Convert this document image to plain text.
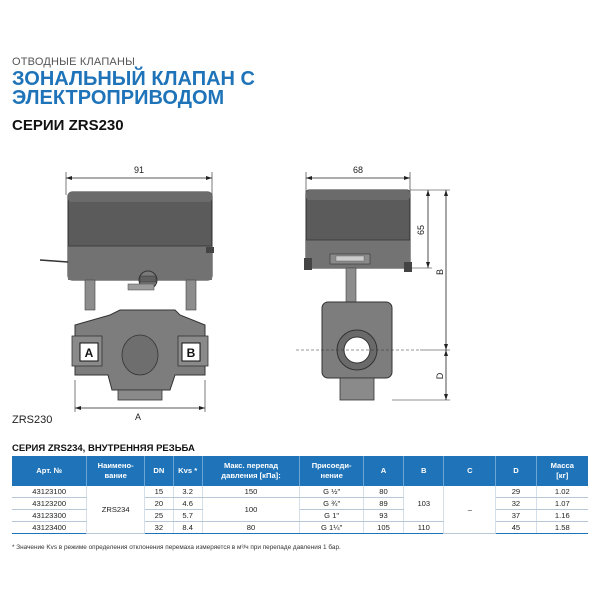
ОТВОДНЫЕ КЛАПАНЫ
ЗОНАЛЬНЫЙ КЛАПАН С
ЭЛЕКТРОПРИВОДОМ
СЕРИИ ZRS230
91
A	B
A
68
65
B
D
ZRS230
СЕРИЯ ZRS234, ВНУТРЕННЯЯ РЕЗЬБА
Арт. №	Наимено-
вание	DN	Kvs *	Макс. перепад
давления [кПа]:	Присоеди-
нение	A	B	C	D	Масса
[кг]
43123100	ZRS234	15	3.2	150	G ½"	80	103	–	29	1.02
43123200		20	4.6	100	G ¾"	89			32	1.07
43123300		25	5.7		G 1"	93			37	1.16
43123400		32	8.4	80	G 1¼"	105	110		45	1.58
* Значение Kvs в режиме определения отклонения перемаха измеряется в м³/ч при перепаде давления 1 бар.
